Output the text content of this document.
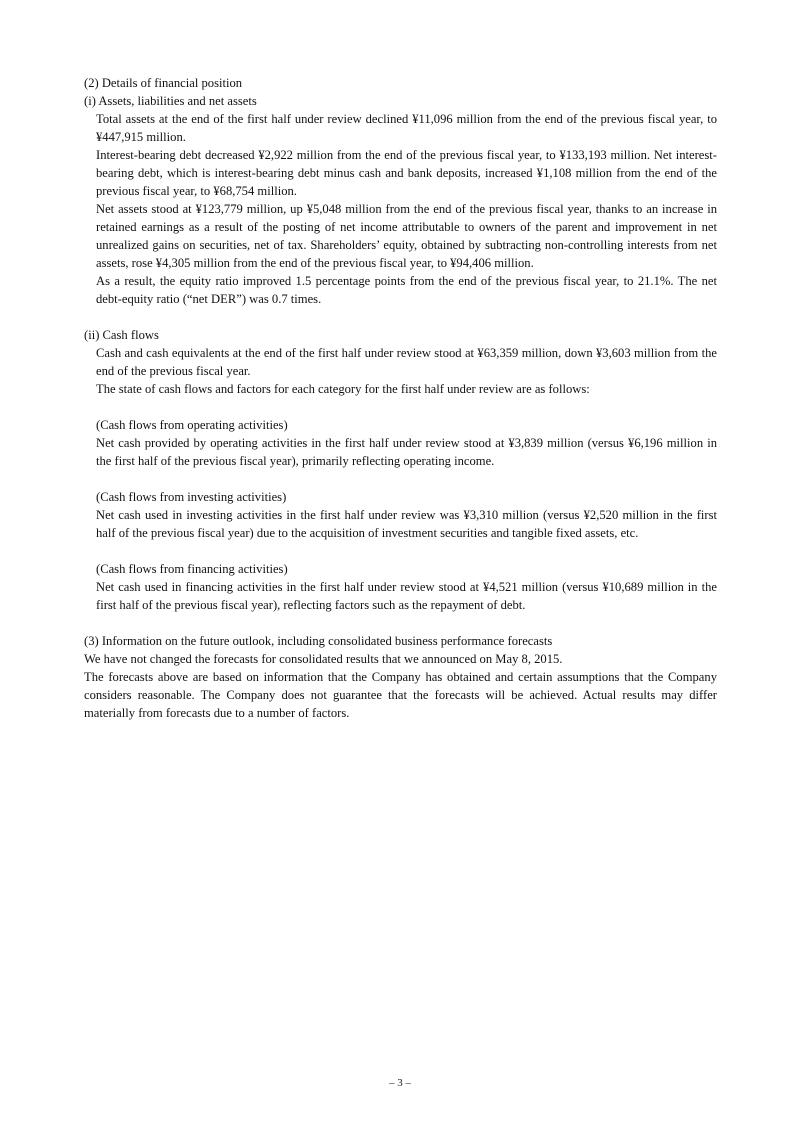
(2) Details of financial position

(i) Assets, liabilities and net assets

Total assets at the end of the first half under review declined ¥11,096 million from the end of the previous fiscal year, to ¥447,915 million.

Interest-bearing debt decreased ¥2,922 million from the end of the previous fiscal year, to ¥133,193 million. Net interest-bearing debt, which is interest-bearing debt minus cash and bank deposits, increased ¥1,108 million from the end of the previous fiscal year, to ¥68,754 million.

Net assets stood at ¥123,779 million, up ¥5,048 million from the end of the previous fiscal year, thanks to an increase in retained earnings as a result of the posting of net income attributable to owners of the parent and improvement in net unrealized gains on securities, net of tax. Shareholders’ equity, obtained by subtracting non-controlling interests from net assets, rose ¥4,305 million from the end of the previous fiscal year, to ¥94,406 million.

As a result, the equity ratio improved 1.5 percentage points from the end of the previous fiscal year, to 21.1%. The net debt-equity ratio (“net DER”) was 0.7 times.

(ii) Cash flows

Cash and cash equivalents at the end of the first half under review stood at ¥63,359 million, down ¥3,603 million from the end of the previous fiscal year.

The state of cash flows and factors for each category for the first half under review are as follows:

(Cash flows from operating activities)

Net cash provided by operating activities in the first half under review stood at ¥3,839 million (versus ¥6,196 million in the first half of the previous fiscal year), primarily reflecting operating income.

(Cash flows from investing activities)

Net cash used in investing activities in the first half under review was ¥3,310 million (versus ¥2,520 million in the first half of the previous fiscal year) due to the acquisition of investment securities and tangible fixed assets, etc.

(Cash flows from financing activities)

Net cash used in financing activities in the first half under review stood at ¥4,521 million (versus ¥10,689 million in the first half of the previous fiscal year), reflecting factors such as the repayment of debt.

(3) Information on the future outlook, including consolidated business performance forecasts

We have not changed the forecasts for consolidated results that we announced on May 8, 2015.

The forecasts above are based on information that the Company has obtained and certain assumptions that the Company considers reasonable. The Company does not guarantee that the forecasts will be achieved. Actual results may differ materially from forecasts due to a number of factors.

– 3 –
